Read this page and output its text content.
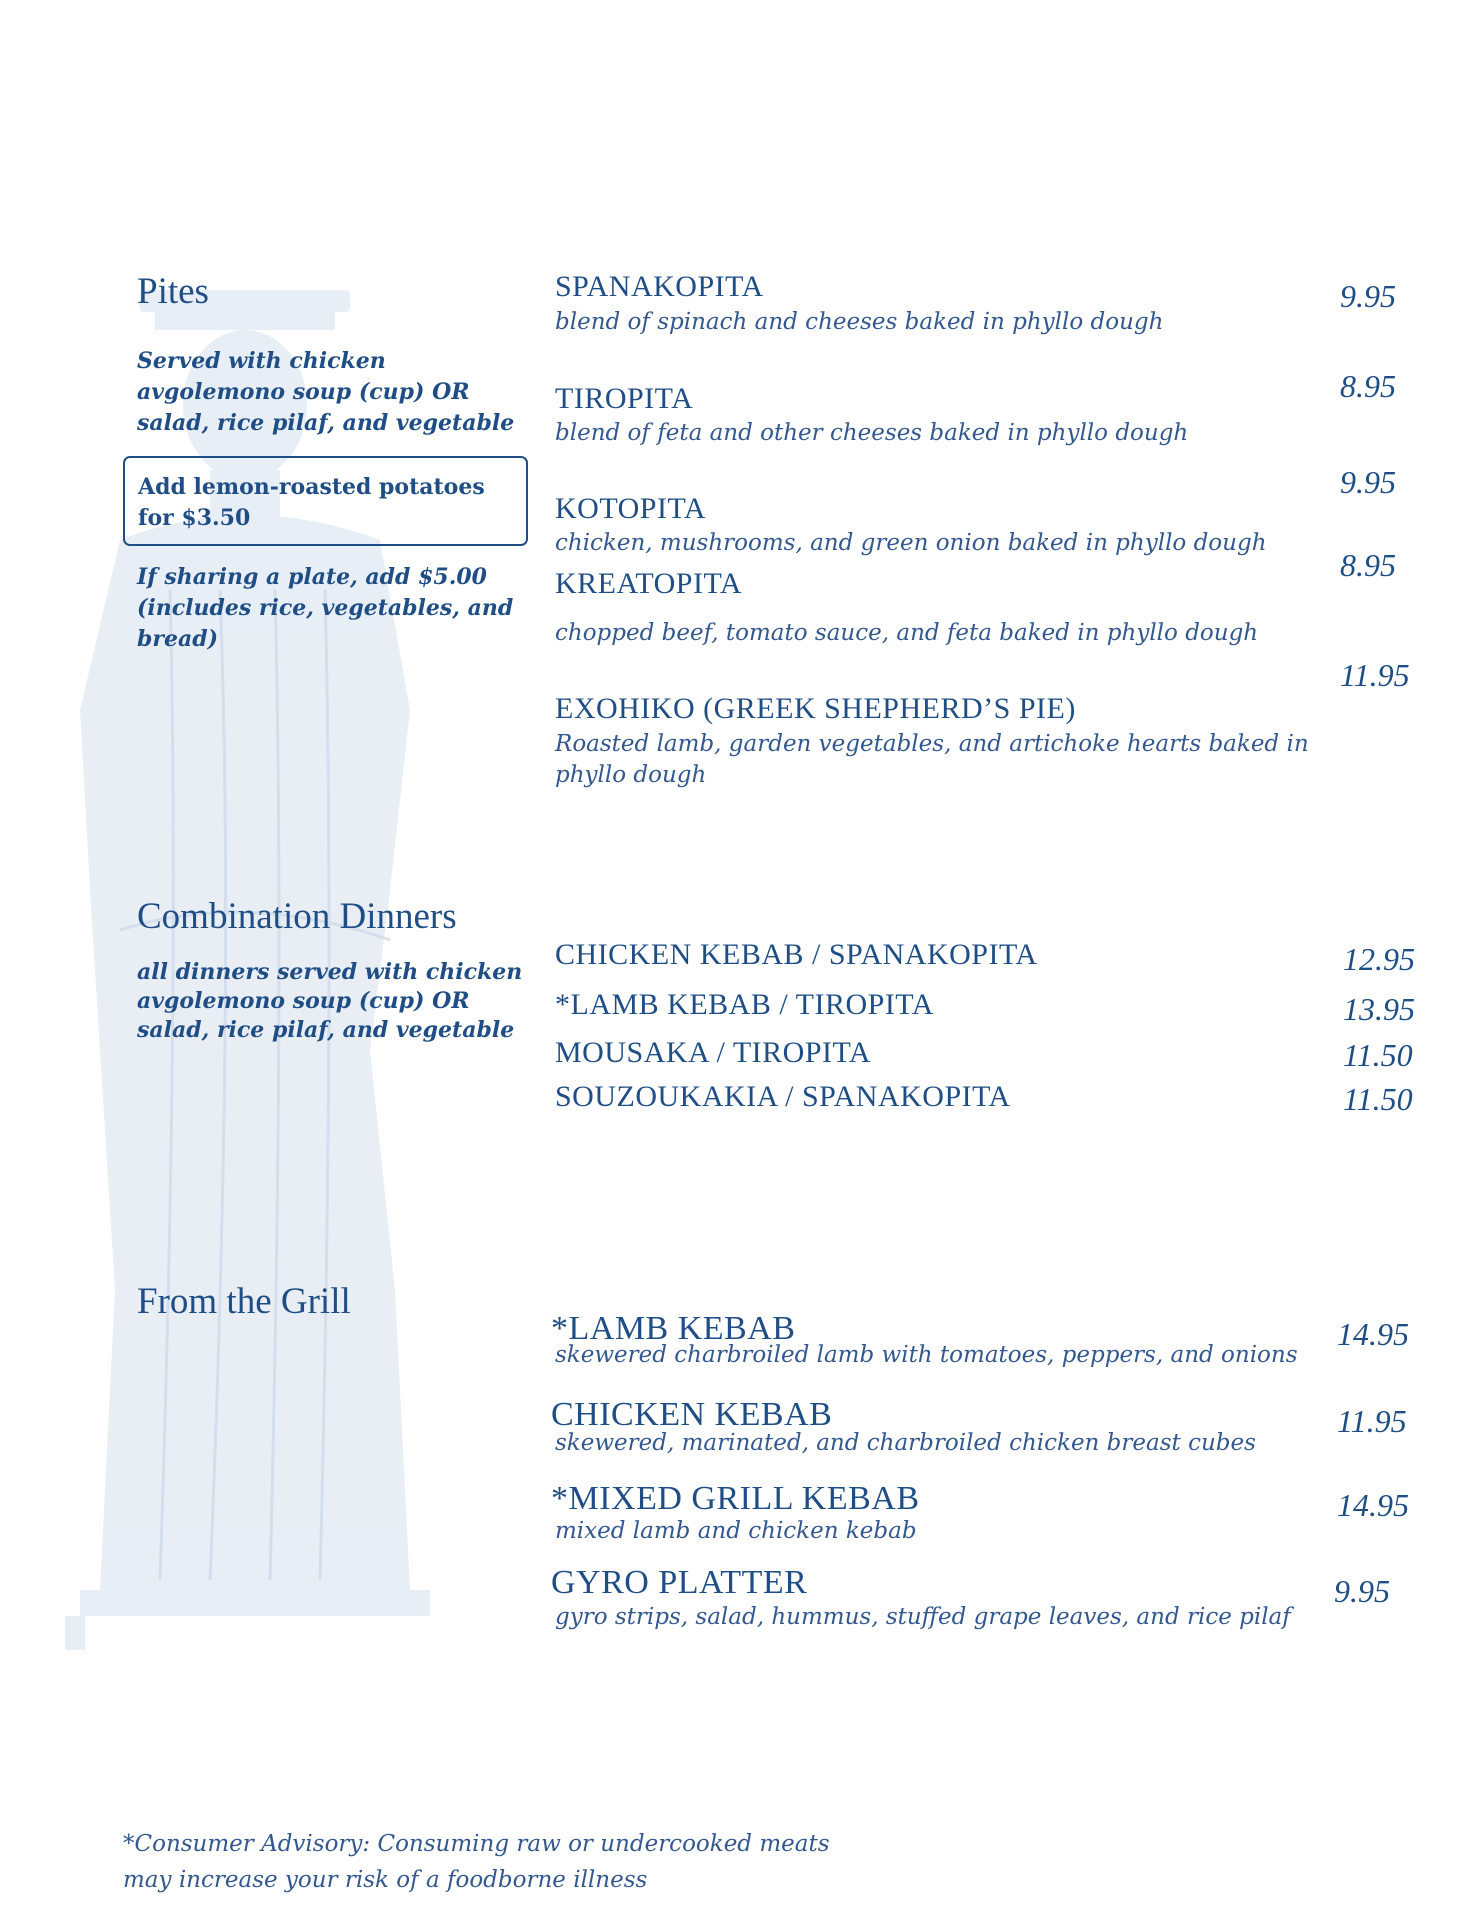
Pites

Served with chicken avgolemono soup (cup) OR salad, rice pilaf, and vegetable

Add lemon-roasted potatoes for $3.50

If sharing a plate, add $5.00 (includes rice, vegetables, and bread)

SPANAKOPITA
blend of spinach and cheeses baked in phyllo dough
9.95
TIROPITA
blend of feta and other cheeses baked in phyllo dough
8.95
KOTOPITA
chicken, mushrooms, and green onion baked in phyllo dough
9.95
KREATOPITA
chopped beef, tomato sauce, and feta baked in phyllo dough
8.95
EXOHIKO (GREEK SHEPHERD’S PIE)
Roasted lamb, garden vegetables, and artichoke hearts baked in phyllo dough
11.95
Combination Dinners

all dinners served with chicken avgolemono soup (cup) OR salad, rice pilaf, and vegetable

CHICKEN KEBAB / SPANAKOPITA	12.95
*LAMB KEBAB / TIROPITA	13.95
MOUSAKA / TIROPITA	11.50
SOUZOUKAKIA / SPANAKOPITA	11.50
From the Grill
*LAMB KEBAB
skewered charbroiled lamb with tomatoes, peppers, and onions
14.95
CHICKEN KEBAB
skewered, marinated, and charbroiled chicken breast cubes
11.95
*MIXED GRILL KEBAB
mixed lamb and chicken kebab
14.95
GYRO PLATTER
gyro strips, salad, hummus, stuffed grape leaves, and rice pilaf
9.95
*Consumer Advisory: Consuming raw or undercooked meats
may increase your risk of a foodborne illness
